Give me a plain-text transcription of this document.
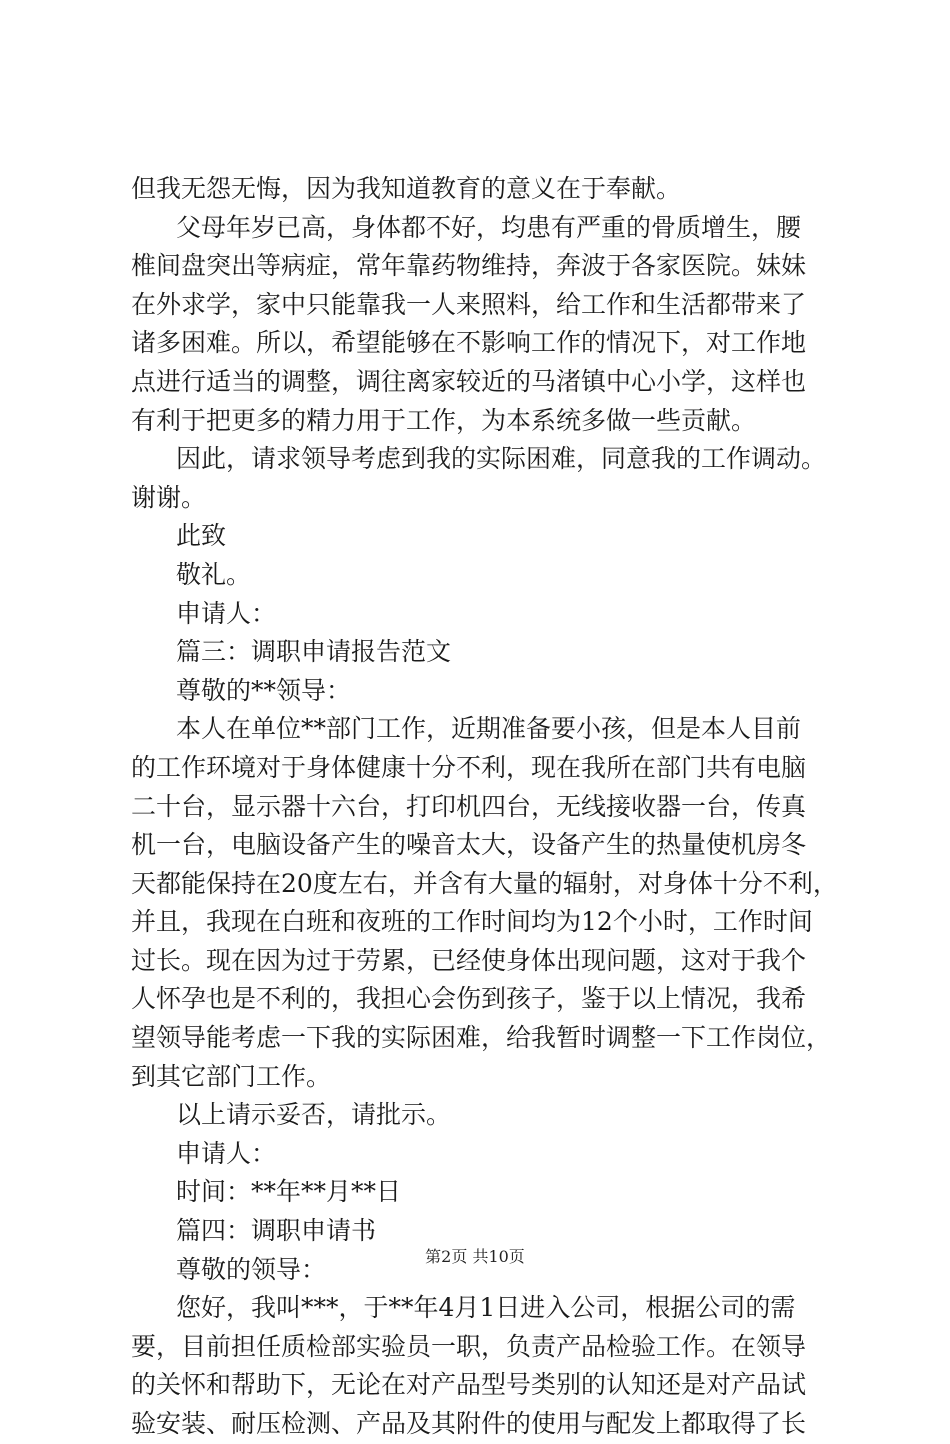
但我无怨无悔，因为我知道教育的意义在于奉献。
父母年岁已高，身体都不好，均患有严重的骨质增生，腰
椎间盘突出等病症，常年靠药物维持，奔波于各家医院。妹妹
在外求学，家中只能靠我一人来照料，给工作和生活都带来了
诸多困难。所以，希望能够在不影响工作的情况下，对工作地
点进行适当的调整，调往离家较近的马渚镇中心小学，这样也
有利于把更多的精力用于工作，为本系统多做一些贡献。
因此，请求领导考虑到我的实际困难，同意我的工作调动。
谢谢。
此致
敬礼。
申请人：
篇三：调职申请报告范文
尊敬的**领导：
本人在单位**部门工作，近期准备要小孩，但是本人目前
的工作环境对于身体健康十分不利，现在我所在部门共有电脑
二十台，显示器十六台，打印机四台，无线接收器一台，传真
机一台，电脑设备产生的噪音太大，设备产生的热量使机房冬
天都能保持在20度左右，并含有大量的辐射，对身体十分不利，
并且，我现在白班和夜班的工作时间均为12个小时，工作时间
过长。现在因为过于劳累，已经使身体出现问题，这对于我个
人怀孕也是不利的，我担心会伤到孩子，鉴于以上情况，我希
望领导能考虑一下我的实际困难，给我暂时调整一下工作岗位，
到其它部门工作。
以上请示妥否，请批示。
申请人：
时间：**年**月**日
篇四：调职申请书
尊敬的领导：
您好，我叫***，于**年4月1日进入公司，根据公司的需
要，目前担任质检部实验员一职，负责产品检验工作。在领导
的关怀和帮助下，无论在对产品型号类别的认知还是对产品试
验安装、耐压检测、产品及其附件的使用与配发上都取得了长
第2页 共10页
